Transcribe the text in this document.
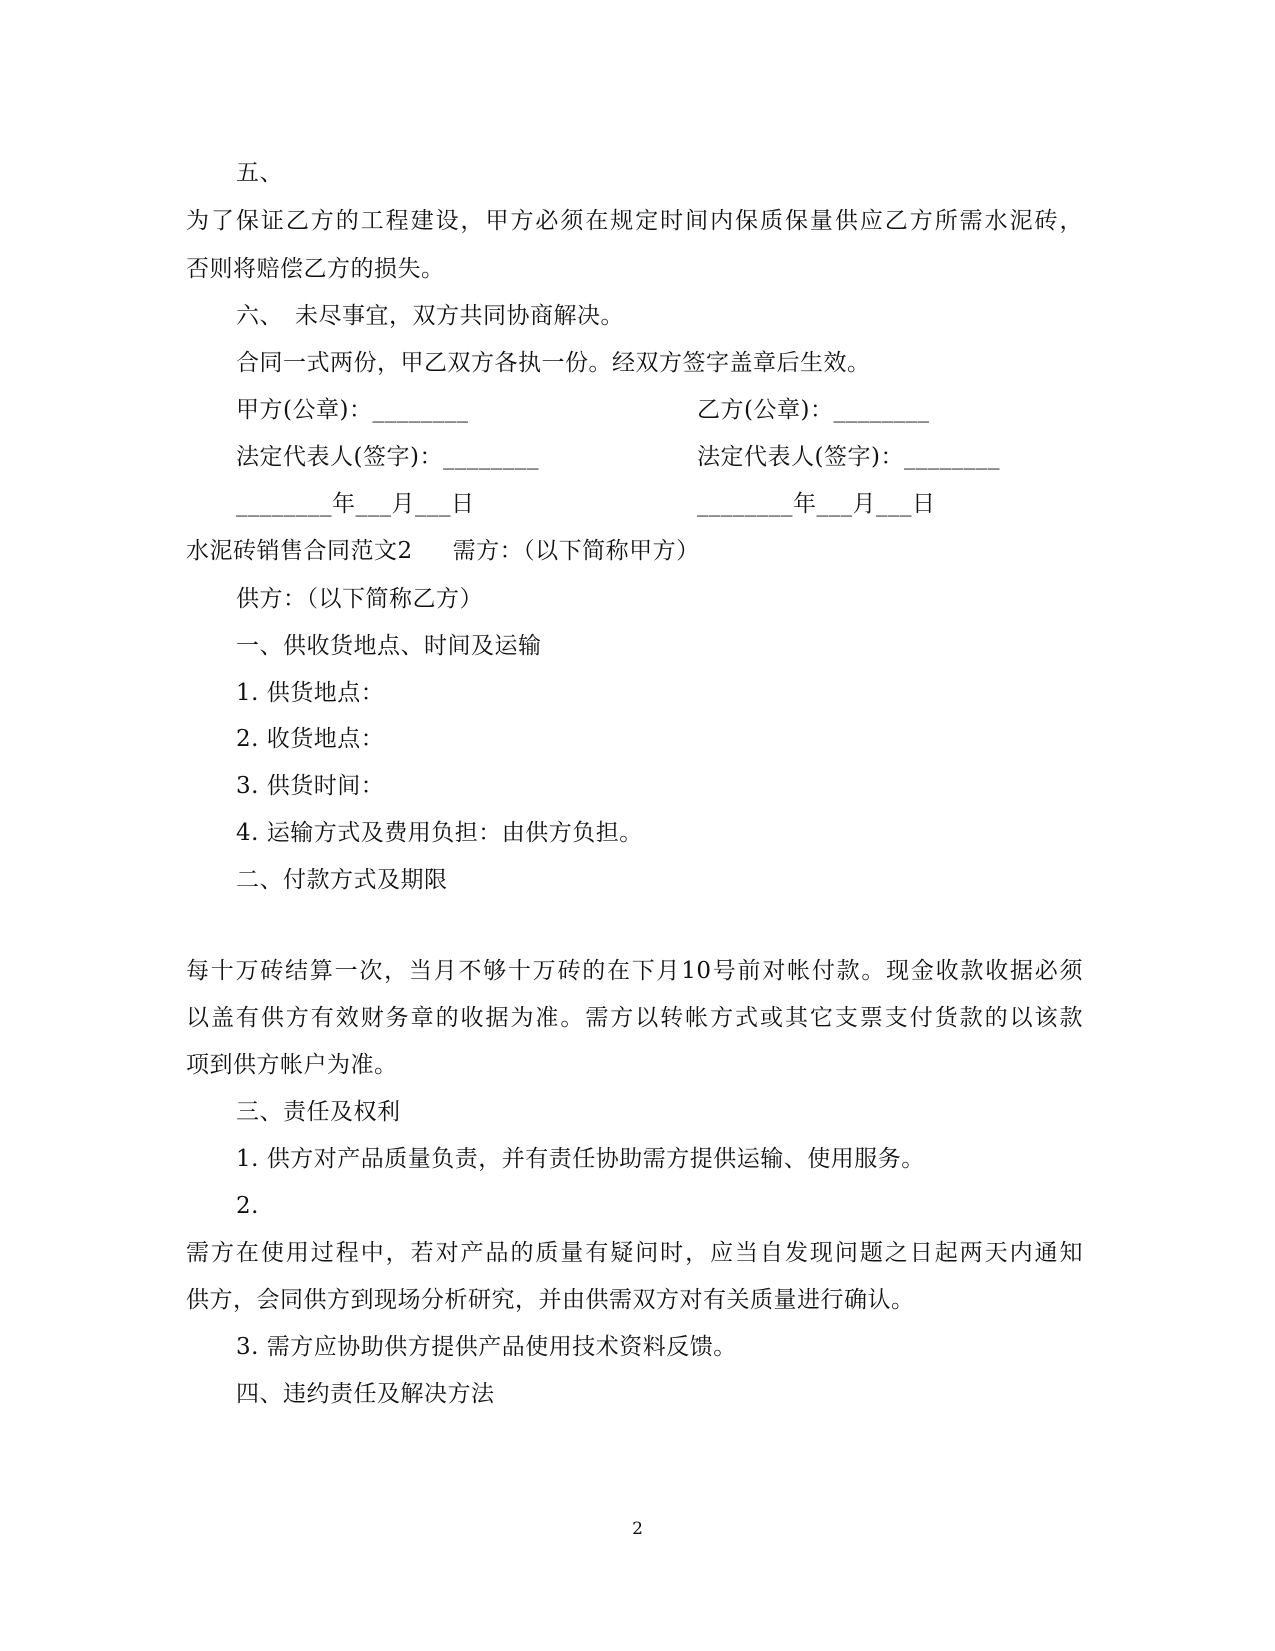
五、
为了保证乙方的工程建设，甲方必须在规定时间内保质保量供应乙方所需水泥砖，
否则将赔偿乙方的损失。
六、　未尽事宜，双方共同协商解决。
合同一式两份，甲乙双方各执一份。经双方签字盖章后生效。
甲方(公章)：________	乙方(公章)：________
法定代表人(签字)：________	法定代表人(签字)：________
________年___月___日	________年___月___日
水泥砖销售合同范文2 需方：（以下简称甲方）
供方：（以下简称乙方）
一、供收货地点、时间及运输
1. 供货地点：
2. 收货地点：
3. 供货时间：
4. 运输方式及费用负担：由供方负担。
二、付款方式及期限
每十万砖结算一次，当月不够十万砖的在下月10号前对帐付款。现金收款收据必须
以盖有供方有效财务章的收据为准。需方以转帐方式或其它支票支付货款的以该款
项到供方帐户为准。
三、责任及权利
1. 供方对产品质量负责，并有责任协助需方提供运输、使用服务。
2.
需方在使用过程中，若对产品的质量有疑问时，应当自发现问题之日起两天内通知
供方，会同供方到现场分析研究，并由供需双方对有关质量进行确认。
3. 需方应协助供方提供产品使用技术资料反馈。
四、违约责任及解决方法
2
